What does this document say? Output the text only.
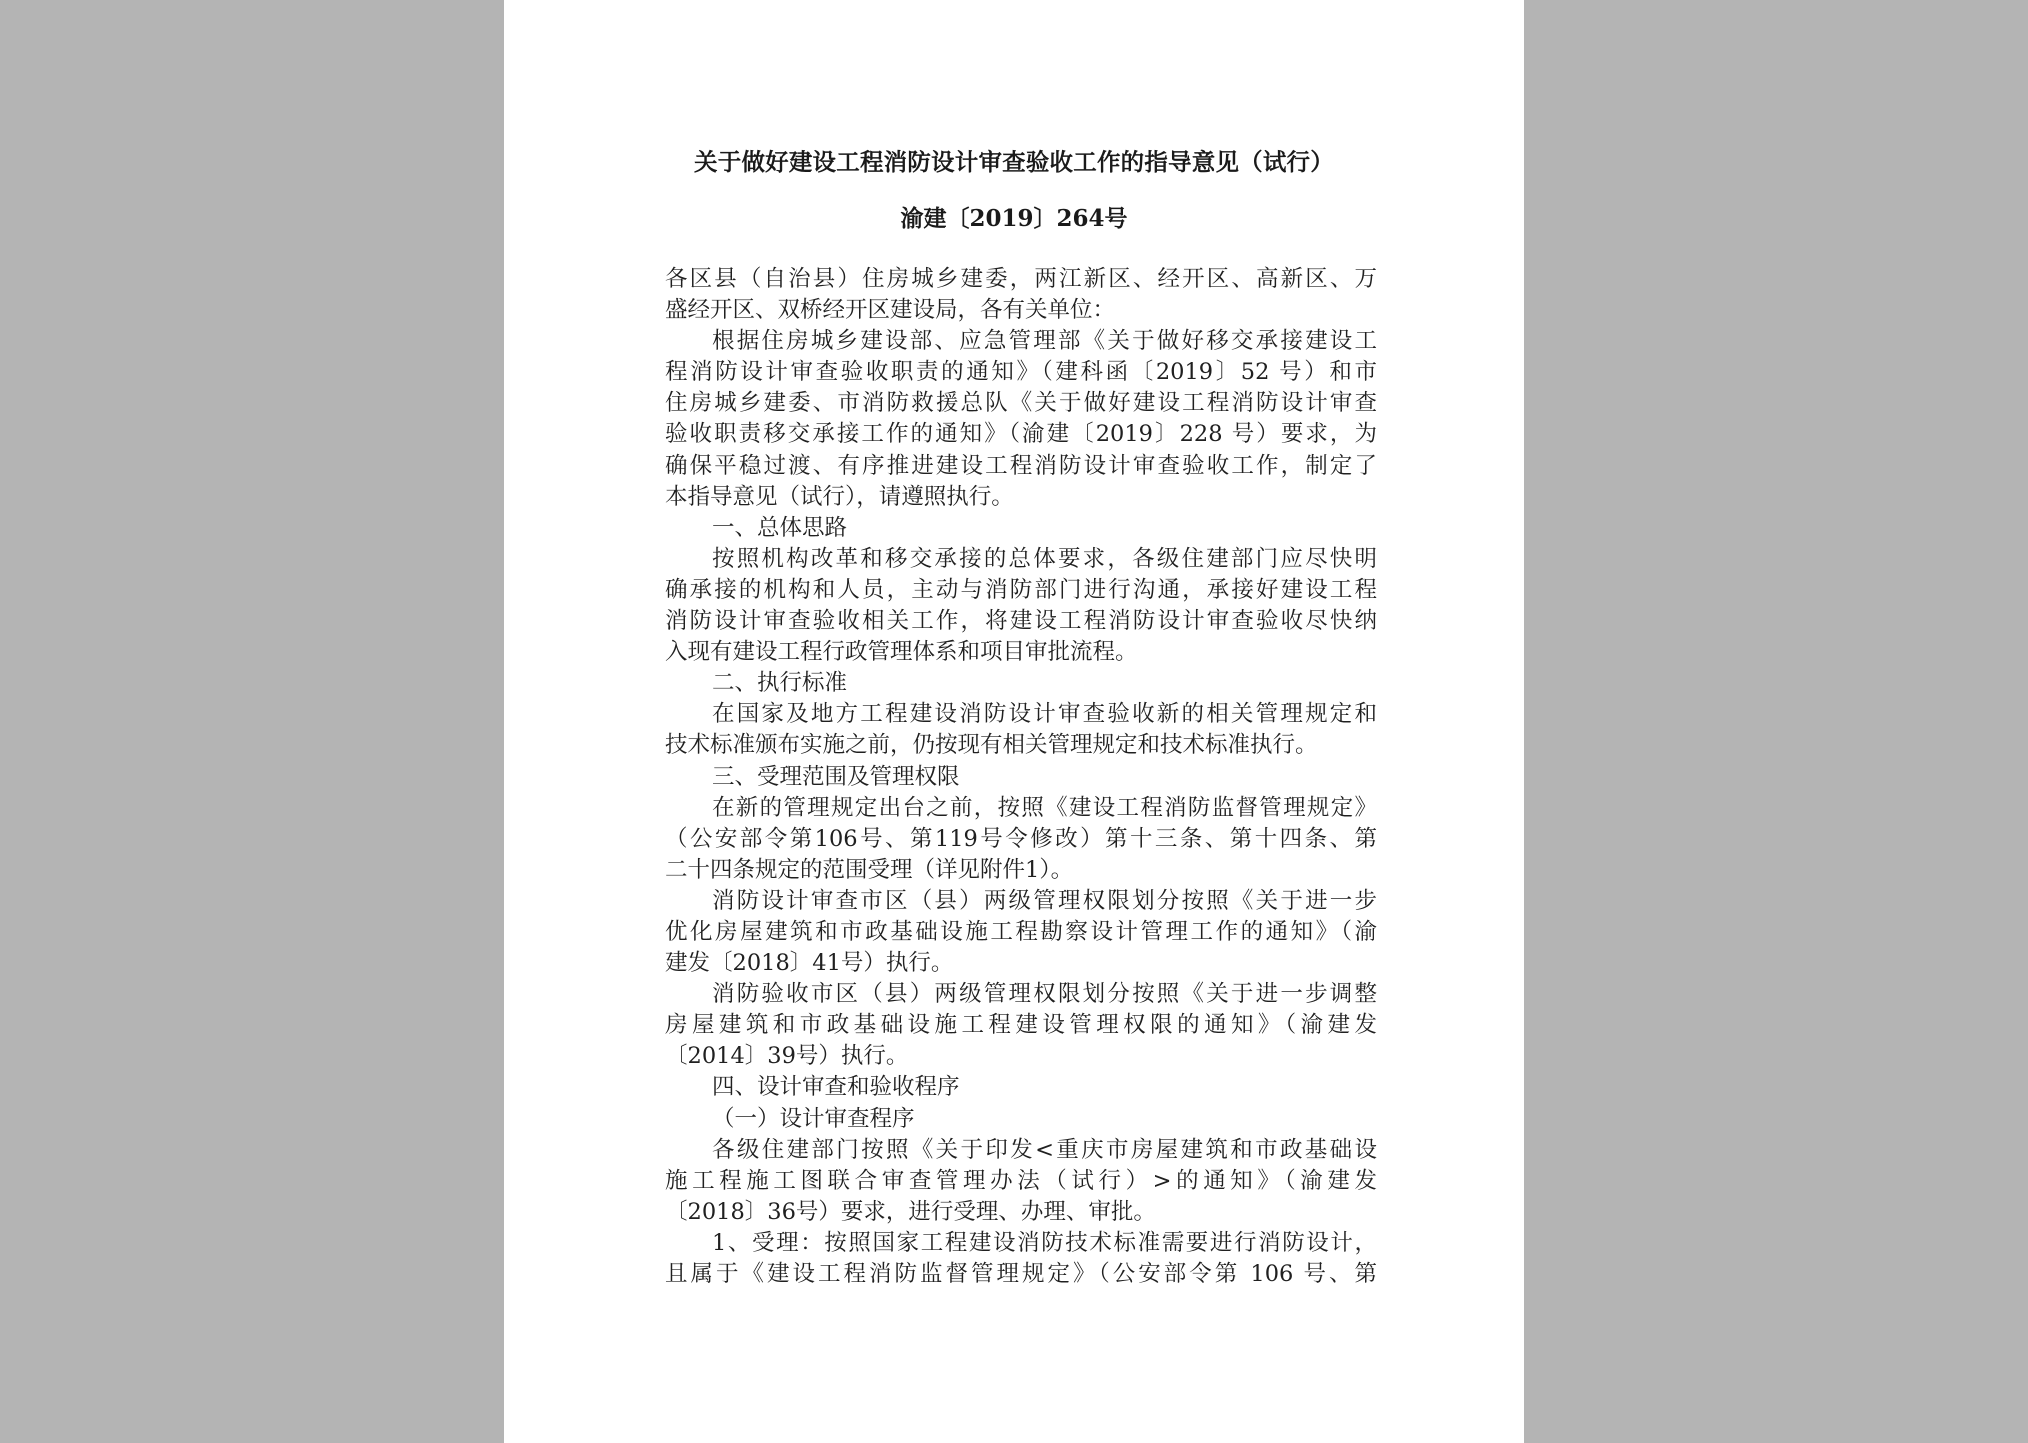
关于做好建设工程消防设计审查验收工作的指导意见（试行）
渝建〔2019〕264号
各区县（自治县）住房城乡建委，两江新区、经开区、高新区、万
盛经开区、双桥经开区建设局，各有关单位：
根据住房城乡建设部、应急管理部《关于做好移交承接建设工
程消防设计审查验收职责的通知》（建科函〔2019〕52 号）和市
住房城乡建委、市消防救援总队《关于做好建设工程消防设计审查
验收职责移交承接工作的通知》（渝建〔2019〕228 号）要求，为
确保平稳过渡、有序推进建设工程消防设计审查验收工作，制定了
本指导意见（试行），请遵照执行。
一、总体思路
按照机构改革和移交承接的总体要求，各级住建部门应尽快明
确承接的机构和人员，主动与消防部门进行沟通，承接好建设工程
消防设计审查验收相关工作，将建设工程消防设计审查验收尽快纳
入现有建设工程行政管理体系和项目审批流程。
二、执行标准
在国家及地方工程建设消防设计审查验收新的相关管理规定和
技术标准颁布实施之前，仍按现有相关管理规定和技术标准执行。
三、受理范围及管理权限
在新的管理规定出台之前，按照《建设工程消防监督管理规定》
（公安部令第106号、第119号令修改）第十三条、第十四条、第
二十四条规定的范围受理（详见附件1）。
消防设计审查市区（县）两级管理权限划分按照《关于进一步
优化房屋建筑和市政基础设施工程勘察设计管理工作的通知》（渝
建发〔2018〕41号）执行。
消防验收市区（县）两级管理权限划分按照《关于进一步调整
房屋建筑和市政基础设施工程建设管理权限的通知》（渝建发
〔2014〕39号）执行。
四、设计审查和验收程序
（一）设计审查程序
各级住建部门按照《关于印发<重庆市房屋建筑和市政基础设
施工程施工图联合审查管理办法（试行）>的通知》（渝建发
〔2018〕36号）要求，进行受理、办理、审批。
1、受理：按照国家工程建设消防技术标准需要进行消防设计，
且属于《建设工程消防监督管理规定》（公安部令第 106 号、第
